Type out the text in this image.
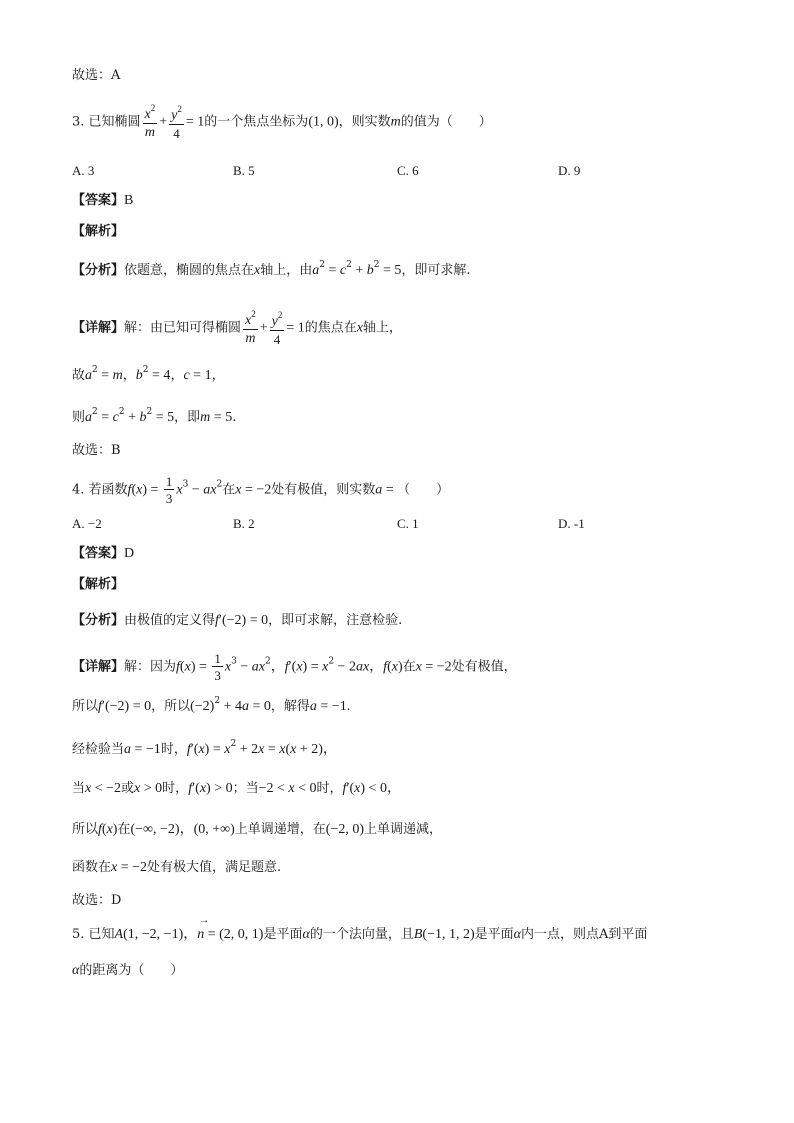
故选：A
3. 已知椭圆 $\frac{x^2}{m} + \frac{y^2}{4} = 1$的一个焦点坐标为(1, 0)，则实数m的值为（　　）
A. 3	B. 5	C. 6	D. 9
【答案】B
【解析】
【分析】依题意，椭圆的焦点在x轴上，由$a^2 = c^2 + b^2 = 5$，即可求解.
【详解】解：由已知可得椭圆 $\frac{x^2}{m} + \frac{y^2}{4} = 1$的焦点在x轴上，
故$a^2 = m$，$b^2 = 4$，c = 1，
则$a^2 = c^2 + b^2 = 5$，即m = 5.
故选：B
4. 若函数$f(x) = \frac{1}{3} x^3 - ax^2$在x = −2处有极值，则实数a = （　　）
A. −2	B. 2	C. 1	D. -1
【答案】D
【解析】
【分析】由极值的定义得f′(−2) = 0，即可求解，注意检验.
【详解】解：因为$f(x) = \frac{1}{3} x^3 - ax^2$，$f'(x) = x^2 - 2ax$，f(x)在x = −2处有极值，
所以f′(−2) = 0，所以$(-2)^2 + 4a = 0$，解得a = −1.
经检验当a = −1时，$f'(x) = x^2 + 2x = x(x + 2)$，
当x < −2或x > 0时，f′(x) > 0；当−2 < x < 0时，f′(x) < 0，
所以f(x)在(−∞, −2)，(0, +∞)上单调递增，在(−2, 0)上单调递减，
函数在x = −2处有极大值，满足题意.
故选：D
5. 已知A(1, −2, −1)，n
→
= (2, 0, 1)是平面α的一个法向量，且B(−1, 1, 2)是平面α内一点，则点A到平面
α的距离为（　　）
